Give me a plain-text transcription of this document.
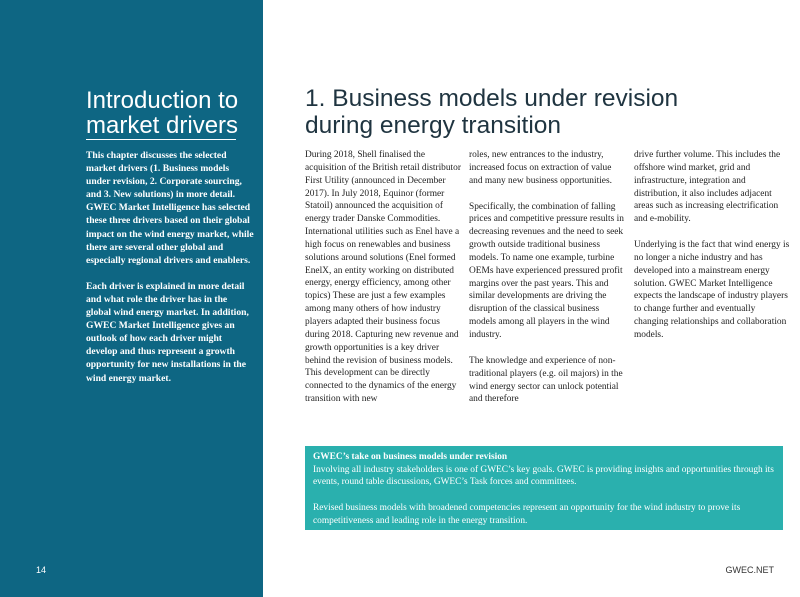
Introduction to market drivers

This chapter discusses the selected market drivers (1. Business models under revision, 2. Corporate sourcing, and 3. New solutions) in more detail. GWEC Market Intelligence has selected these three drivers based on their global impact on the wind energy market, while there are several other global and especially regional drivers and enablers.

Each driver is explained in more detail and what role the driver has in the global wind energy market. In addition, GWEC Market Intelligence gives an outlook of how each driver might develop and thus represent a growth opportunity for new installations in the wind energy market.

14
1. Business models under revision during energy transition

During 2018, Shell finalised the acquisition of the British retail distributor First Utility (announced in December 2017). In July 2018, Equinor (former Statoil) announced the acquisition of energy trader Danske Commodities. International utilities such as Enel have a high focus on renewables and business solutions around solutions (Enel formed EnelX, an entity working on distributed energy, energy efficiency, among other topics) These are just a few examples among many others of how industry players adapted their business focus during 2018. Capturing new revenue and growth opportunities is a key driver behind the revision of business models. This development can be directly connected to the dynamics of the energy transition with new

roles, new entrances to the industry, increased focus on extraction of value and many new business opportunities.

Specifically, the combination of falling prices and competitive pressure results in decreasing revenues and the need to seek growth outside traditional business models. To name one example, turbine OEMs have experienced pressured profit margins over the past years. This and similar developments are driving the disruption of the classical business models among all players in the wind industry.

The knowledge and experience of non-traditional players (e.g. oil majors) in the wind energy sector can unlock potential and therefore

drive further volume. This includes the offshore wind market, grid and infrastructure, integration and distribution, it also includes adjacent areas such as increasing electrification and e-mobility.

Underlying is the fact that wind energy is no longer a niche industry and has developed into a mainstream energy solution. GWEC Market Intelligence expects the landscape of industry players to change further and eventually changing relationships and collaboration models.

GWEC’s take on business models under revision

Involving all industry stakeholders is one of GWEC’s key goals. GWEC is providing insights and opportunities through its events, round table discussions, GWEC’s Task forces and committees.

Revised business models with broadened competencies represent an opportunity for the wind industry to prove its competitiveness and leading role in the energy transition.

GWEC.NET
